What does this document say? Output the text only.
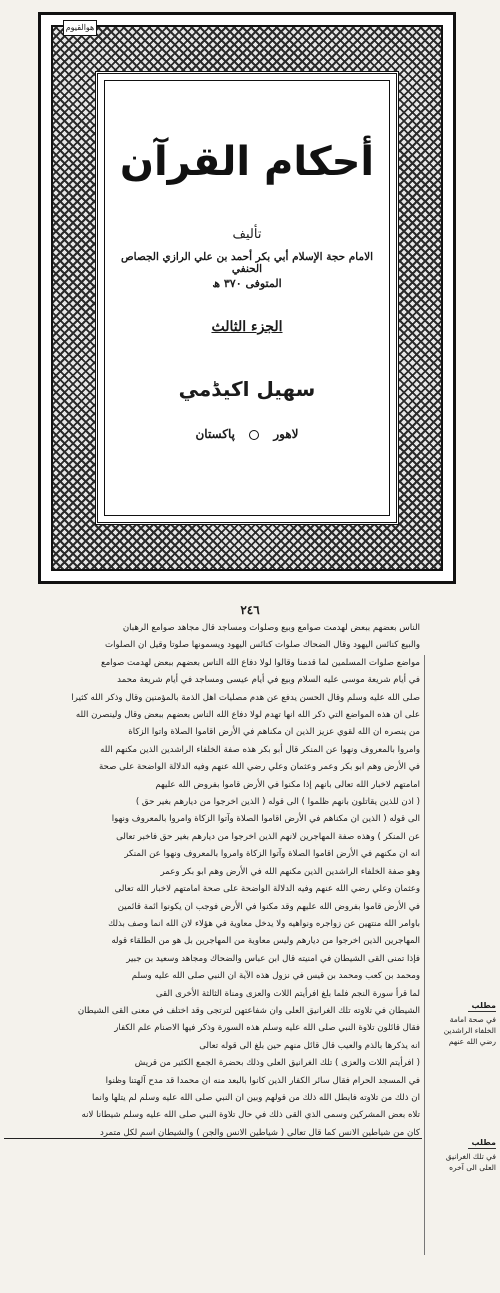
ھوالقيوم
أحكام القرآن
تأليف
الامام حجة الإسلام أبي بكر أحمد بن علي الرازي الجصاص الحنفي
المتوفى ٣٧٠ ھ
الجزء الثالث
سهيل اكيڈمي
لاھور  پاکستان
٢٤٦

الناس بعضهم ببعض لهدمت صوامع وبيع وصلوات ومساجد قال مجاهد صوامع الرهبان

والبيع كنائس اليهود وقال الضحاك صلوات كنائس اليهود ويسمونها صلوتا وقيل ان الصلوات

مواضع صلوات المسلمين لما قدمنا وقالوا لولا دفاع الله الناس بعضهم ببعض لهدمت صوامع

في أيام شريعة موسى عليه السلام وبيع في أيام عيسى ومساجد في أيام شريعة محمد

صلى الله عليه وسلم وقال الحسن يدفع عن هدم مصليات اهل الذمة بالمؤمنين وقال وذكر الله كثيرا

على ان هذه المواضع التي ذكر الله انها تهدم لولا دفاع الله الناس بعضهم ببعض وقال ولينصرن الله

من ينصره ان الله لقوي عزيز الذين ان مكناهم في الأرض اقاموا الصلاة واتوا الزكاة

وامروا بالمعروف ونهوا عن المنكر قال أبو بكر هذه صفة الخلفاء الراشدين الذين مكنهم الله

في الأرض وهم ابو بكر وعمر وعثمان وعلي رضي الله عنهم وفيه الدلالة الواضحة على صحة

امامتهم لاخبار الله تعالى بانهم إذا مكنوا في الأرض قاموا بفروض الله عليهم

( اذن للذين يقاتلون بانهم ظلموا ) الى قوله ( الذين اخرجوا من ديارهم بغير حق )

الى قوله ( الذين ان مكناهم في الأرض اقاموا الصلاة وآتوا الزكاة وامروا بالمعروف ونهوا

عن المنكر ) وهذه صفة المهاجرين لانهم الذين اخرجوا من ديارهم بغير حق فاخبر تعالى

انه ان مكنهم في الأرض اقاموا الصلاة وآتوا الزكاة وامروا بالمعروف ونهوا عن المنكر

وهو صفة الخلفاء الراشدين الذين مكنهم الله في الأرض وهم ابو بكر وعمر

وعثمان وعلي رضي الله عنهم وفيه الدلالة الواضحة على صحة امامتهم لاخبار الله تعالى

في الأرض قاموا بفروض الله عليهم وقد مكنوا في الأرض فوجب ان يكونوا ائمة قائمين

باوامر الله منتهين عن زواجره ونواهيه ولا يدخل معاوية في هؤلاء لان الله انما وصف بذلك

المهاجرين الذين اخرجوا من ديارهم وليس معاوية من المهاجرين بل هو من الطلقاء قوله

فإذا تمنى القى الشيطان في امنيته قال ابن عباس والضحاك ومجاهد وسعيد بن جبير

ومحمد بن كعب ومحمد بن قيس في نزول هذه الآية ان النبي صلى الله عليه وسلم

لما قرأ سورة النجم فلما بلغ افرأيتم اللات والعزى ومناة الثالثة الأخرى القى

الشيطان في تلاوته تلك الغرانيق العلى وان شفاعتهن لترتجى وقد اختلف في معنى القى الشيطان

فقال قائلون تلاوة النبي صلى الله عليه وسلم هذه السورة وذكر فيها الاصنام علم الكفار

انه يذكرها بالذم والعيب قال قائل منهم حين بلغ الى قوله تعالى

( افرأيتم اللات والعزى ) تلك الغرانيق العلى وذلك بحضرة الجمع الكثير من قريش

في المسجد الحرام فقال سائر الكفار الذين كانوا بالبعد منه ان محمدا قد مدح آلهتنا وظنوا

ان ذلك من تلاوته فابطل الله ذلك من قولهم وبين ان النبي صلى الله عليه وسلم لم يتلها وانما

تلاه بعض المشركين وسمى الذي القى ذلك في حال تلاوة النبي صلى الله عليه وسلم شيطانا لانه

كان من شياطين الانس كما قال تعالى ( شياطين الانس والجن ) والشيطان اسم لكل متمرد

مطلب
في صحة امامة الخلفاء الراشدين رضي الله عنهم
مطلب
في تلك الغرانيق العلى الى آخره
